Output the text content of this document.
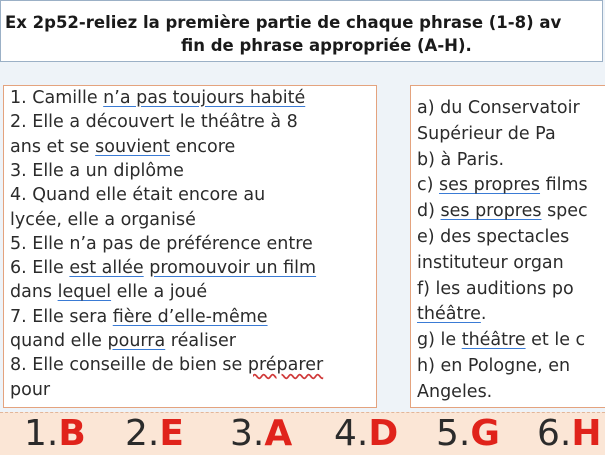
Ex 2p52-reliez la première partie de chaque phrase (1-8) av
fin de phrase appropriée (A-H).
1. Camille n’a pas toujours habité
2. Elle a découvert le théâtre à 8
ans et se souvient encore
3. Elle a un diplôme
4. Quand elle était encore au
lycée, elle a organisé
5. Elle n’a pas de préférence entre
6. Elle est allée promouvoir un film
dans lequel elle a joué
7. Elle sera fière d’elle-même
quand elle pourra réaliser
8. Elle conseille de bien se préparer
pour
a) du Conservatoir
Supérieur de Pa
b) à Paris.
c) ses propres films
d) ses propres spec
e) des spectacles
instituteur organ
f) les auditions po
théâtre.
g) le théâtre et le c
h) en Pologne, en
Angeles.
1.B 2.E 3.A 4.D 5.G 6.H
